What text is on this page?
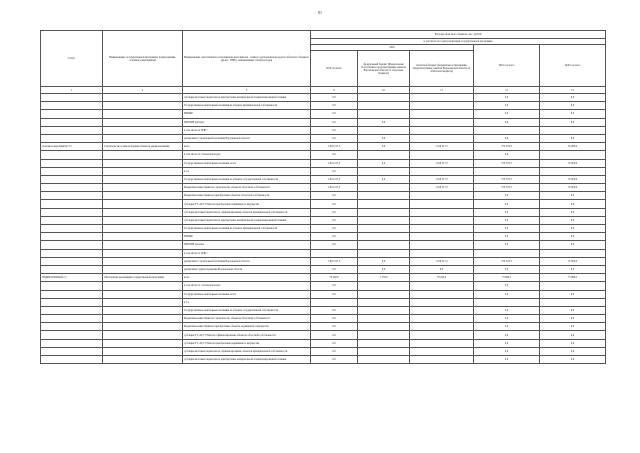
81
Статус	Наименование государственной программы, подпрограммы, основного мероприятия	Наименование ответственного исполнителя, исполнителя - главного распорядителя средств областного бюджета (далее - ГРБС), наименование статей расходов	Расходы областного бюджета, тыс. рублей				
			в том числе по годам реализации государственной программы				
			2016			2019 год всего	2020 год всего
			2016 год всего	федеральный бюджет (Федеральные поступления, предусмотренные законом Воронежской области об областном бюджете)	областной бюджет (бюджетные ассигнования, предусмотренные законом Воронежской области об областном бюджете)		
1	2	3	9	10	11	12	13
		субсидии местным бюджетам на приобретение коммунальной специализированной техники	0,0			0,0	0,0
		Государственные капитальные вложения на объекты муниципальной собственности	0,0			0,0	0,0
		НИОКР	0,0			0,0	0,0
		ПРОЧИЕ расходы	0,0	0,0		0,0	0,0
		в том числе по ГРБС:	0,0				
		департамент строительной политики Воронежской области	0,0	0,0		0,0	0,0
Основное мероприятие 3.5	Строительство и реконструкция объектов здравоохранения	всего	1 816 217,5	0,0	1 816 217,5	270 378,3	35 000,0
		в том числе по статьям расходов:	0,0			0,0	
		Государственные капитальные вложения, всего	1 816 217,5	0,0	1 816 217,5	270 378,3	35 000,0
		в т.ч.	0,0				
		Государственные капитальные вложения на объекты государственной собственности	1 816 217,5	0,0	1 816 217,5	270 378,3	35 000,0
		Бюджетные инвестиции на строительство объектов областной собственности	1 816 217,5		1 816 217,5	270 378,3	35 000,0
		Бюджетные инвестиции на приобретение объектов областной собственности	0,0			0,0	0,0
		субсидии ГУ, АУ, ГУПам на приобретение недвижимого имущества	0,0			0,0	0,0
		субсидии местным бюджетам на софинансирование объектов муниципальной собственности	0,0			0,0	0,0
		субсидии местным бюджетам на приобретение коммунальной специализированной техники	0,0			0,0	0,0
		Государственные капитальные вложения на объекты муниципальной собственности	0,0			0,0	0,0
		НИОКР	0,0			0,0	0,0
		ПРОЧИЕ расходы	0,0			0,0	0,0
		в том числе по ГРБС:					
		департамент строительной политики Воронежской области	1 816 217,5	0,0	1 816 217,5	270 378,3	35 000,0
		департамент здравоохранения Воронежской области	0,0	0,0	0,0	0,0	0,0
ПОДПРОГРАММА 11	Обеспечение реализации государственной программы	всего	79 402,6	1 179,0	78 223,6	73 690,2	73 690,2
		в том числе по статьям расходов:	0,0			0,0	
		Государственные капитальные вложения, всего	0,0			0,0	0,0
		в т.ч.					
		Государственные капитальные вложения на объекты государственной собственности	0,0			0,0	0,0
		Бюджетные инвестиции на строительство объектов областной собственности	0,0			0,0	0,0
		Бюджетные инвестиции на приобретение объектов недвижимого имущества	0,0			0,0	0,0
		субсидии ГУ, АУ, ГУПам на софинансирование объектов областной собственности	0,0			0,0	0,0
		субсидии ГУ, АУ, ГУПам на приобретение недвижимого имущества	0,0			0,0	0,0
		субсидии местным бюджетам на софинансирование объектов муниципальной собственности	0,0			0,0	0,0
		субсидии местным бюджетам на приобретение коммунальной специализированной техники	0,0			0,0	0,0
